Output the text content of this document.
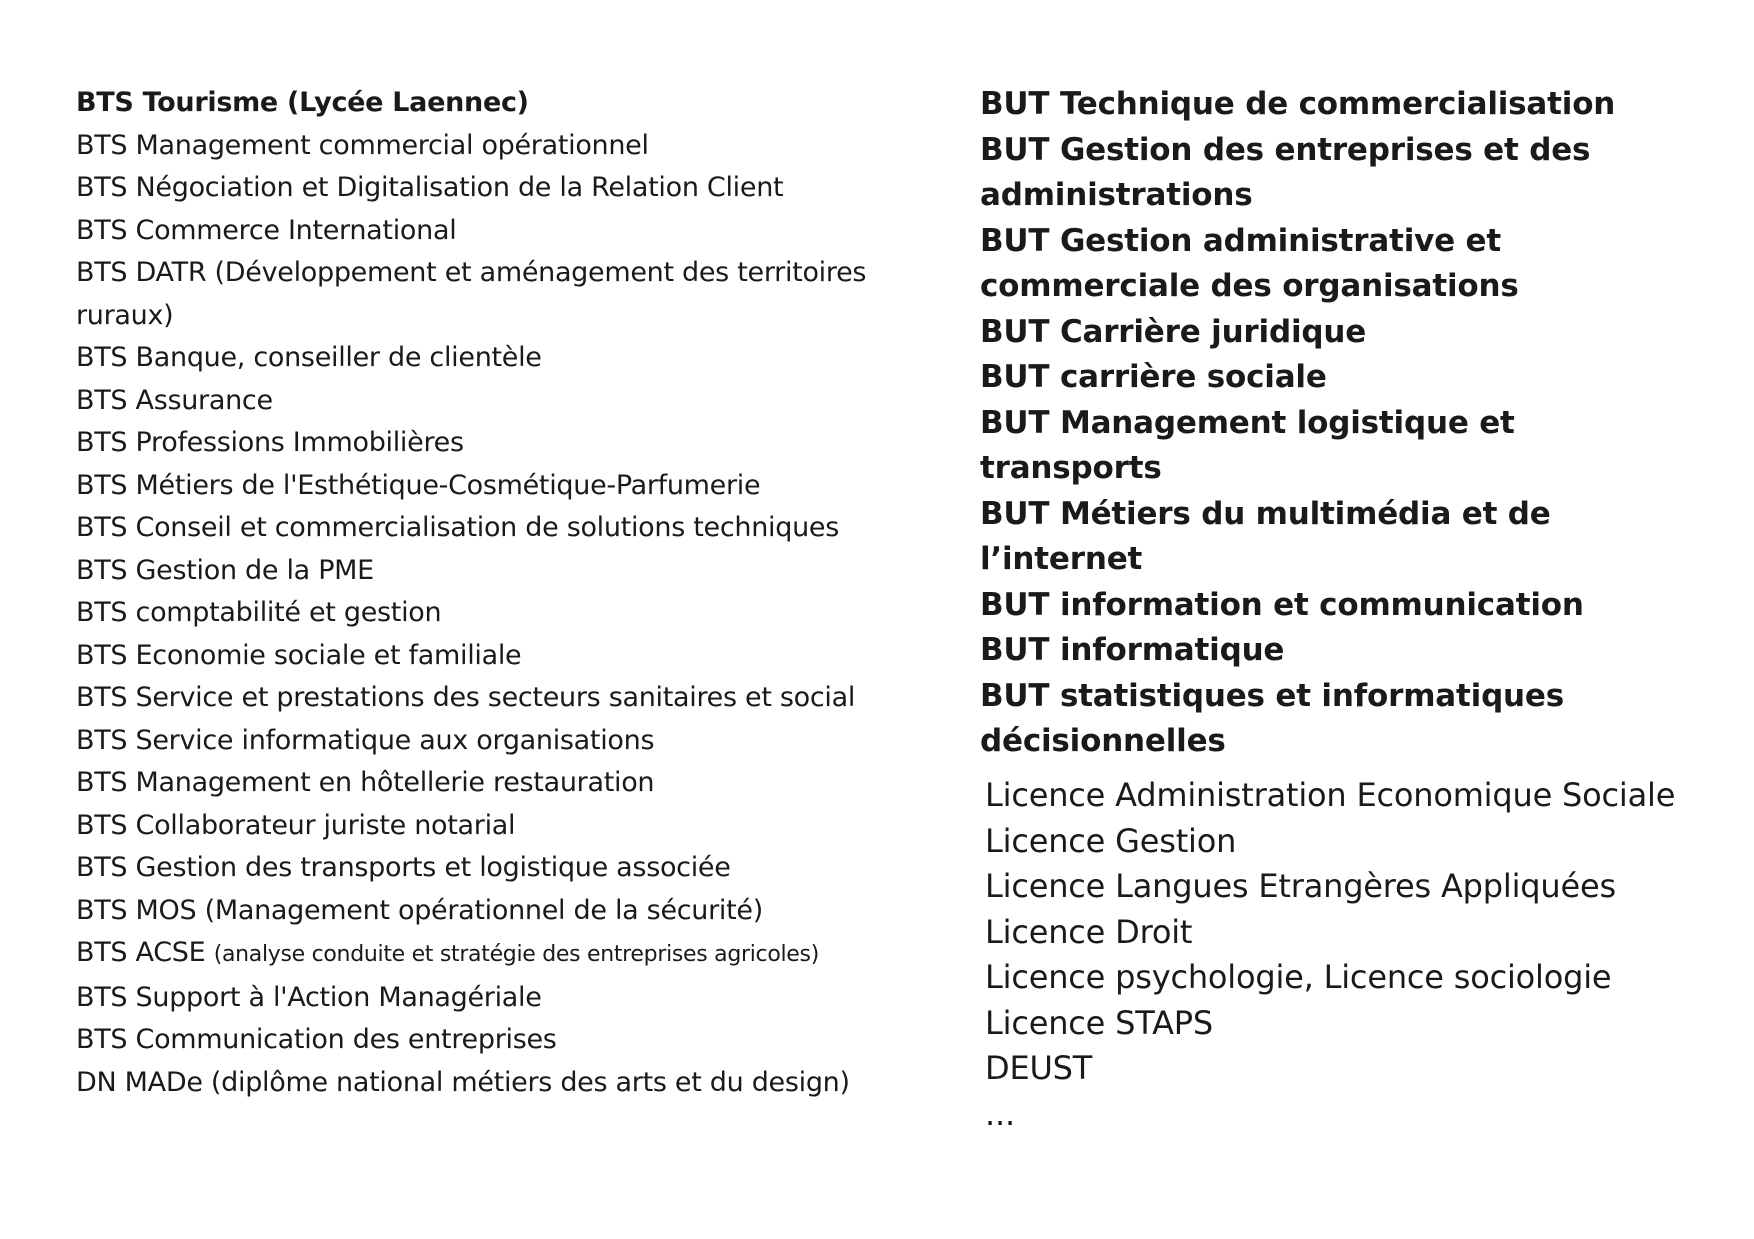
BTS Tourisme (Lycée Laennec)
BTS Management commercial opérationnel
BTS Négociation et Digitalisation de la Relation Client
BTS Commerce International
BTS DATR (Développement et aménagement des territoires ruraux)
BTS Banque, conseiller de clientèle
BTS Assurance
BTS Professions Immobilières
BTS Métiers de l'Esthétique-Cosmétique-Parfumerie
BTS Conseil et commercialisation de solutions techniques
BTS Gestion de la PME
BTS comptabilité et gestion
BTS Economie sociale et familiale
BTS Service et prestations des secteurs sanitaires et social
BTS Service informatique aux organisations
BTS Management en hôtellerie restauration
BTS Collaborateur juriste notarial
BTS Gestion des transports et logistique associée
BTS MOS (Management opérationnel de la sécurité)
BTS ACSE (analyse conduite et stratégie des entreprises agricoles)
BTS Support à l'Action Managériale
BTS Communication des entreprises
DN MADe (diplôme national métiers des arts et du design)
BUT Technique de commercialisation
BUT Gestion des entreprises et des administrations
BUT Gestion administrative et commerciale des organisations
BUT Carrière juridique
BUT carrière sociale
BUT Management logistique et transports
BUT Métiers du multimédia et de l’internet
BUT information et communication
BUT informatique
BUT statistiques et informatiques décisionnelles
Licence Administration Economique Sociale
Licence Gestion
Licence Langues Etrangères Appliquées
Licence Droit
Licence psychologie, Licence sociologie
Licence STAPS
DEUST
...
